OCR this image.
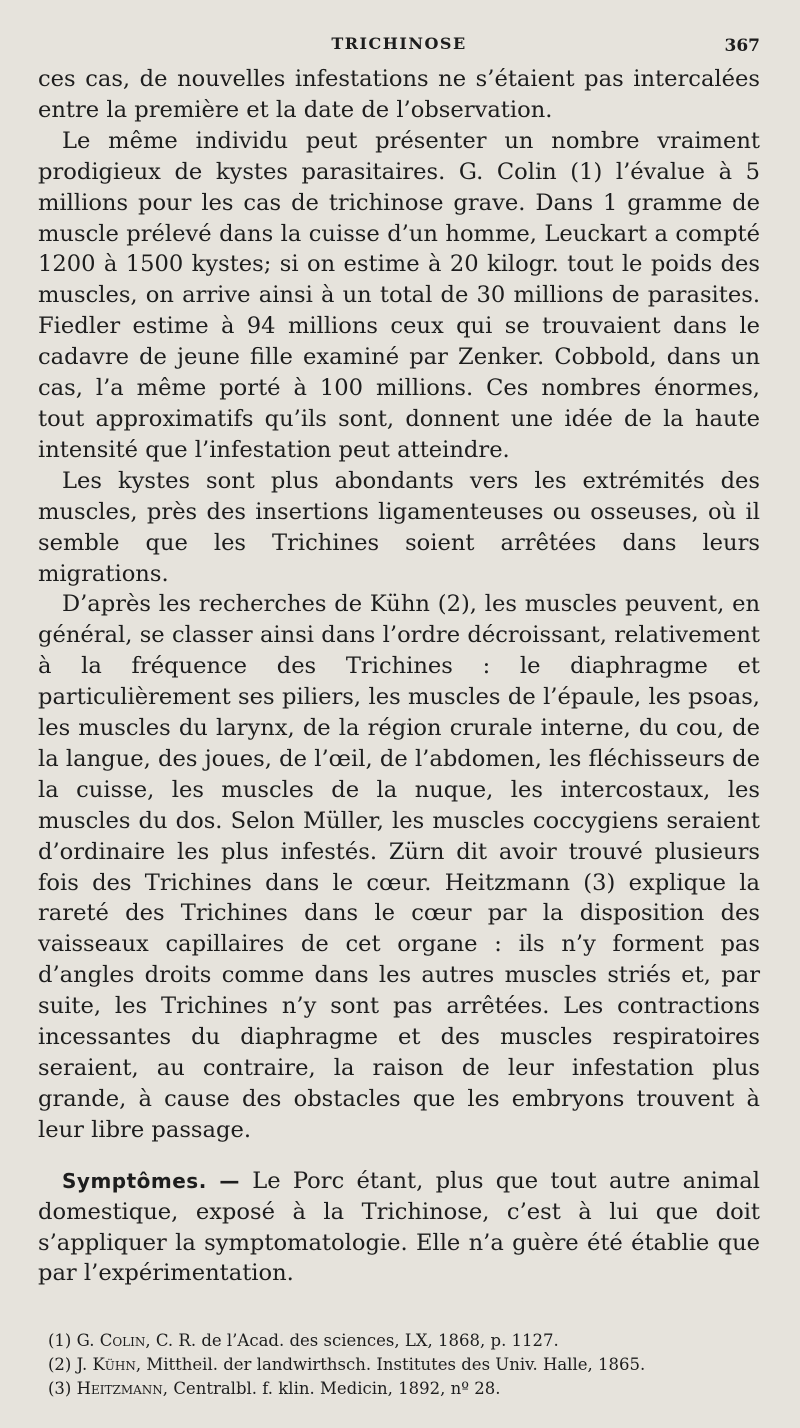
TRICHINOSE	367

ces cas, de nouvelles infestations ne s’étaient pas intercalées entre la première et la date de l’observation.

Le même individu peut présenter un nombre vraiment prodigieux de kystes parasitaires. G. Colin (1) l’évalue à 5 millions pour les cas de trichinose grave. Dans 1 gramme de muscle prélevé dans la cuisse d’un homme, Leuckart a compté 1200 à 1500 kystes; si on estime à 20 kilogr. tout le poids des muscles, on arrive ainsi à un total de 30 millions de parasites. Fiedler estime à 94 millions ceux qui se trouvaient dans le cadavre de jeune fille examiné par Zenker. Cobbold, dans un cas, l’a même porté à 100 millions. Ces nombres énormes, tout approximatifs qu’ils sont, donnent une idée de la haute intensité que l’infestation peut atteindre.

Les kystes sont plus abondants vers les extrémités des muscles, près des insertions ligamenteuses ou osseuses, où il semble que les Trichines soient arrêtées dans leurs migrations.

D’après les recherches de Kühn (2), les muscles peuvent, en général, se classer ainsi dans l’ordre décroissant, relativement à la fréquence des Trichines : le diaphragme et particulièrement ses piliers, les muscles de l’épaule, les psoas, les muscles du larynx, de la région crurale interne, du cou, de la langue, des joues, de l’œil, de l’abdomen, les fléchisseurs de la cuisse, les muscles de la nuque, les intercostaux, les muscles du dos. Selon Müller, les muscles coccygiens seraient d’ordinaire les plus infestés. Zürn dit avoir trouvé plusieurs fois des Trichines dans le cœur. Heitzmann (3) explique la rareté des Trichines dans le cœur par la disposition des vaisseaux capillaires de cet organe : ils n’y forment pas d’angles droits comme dans les autres muscles striés et, par suite, les Trichines n’y sont pas arrêtées. Les contractions incessantes du diaphragme et des muscles respiratoires seraient, au contraire, la raison de leur infestation plus grande, à cause des obstacles que les embryons trouvent à leur libre passage.

Symptômes. — Le Porc étant, plus que tout autre animal domestique, exposé à la Trichinose, c’est à lui que doit s’appliquer la symptomatologie. Elle n’a guère été établie que par l’expérimentation.

(1) G. Colin, C. R. de l’Acad. des sciences, LX, 1868, p. 1127.

(2) J. Kühn, Mittheil. der landwirthsch. Institutes des Univ. Halle, 1865.

(3) Heitzmann, Centralbl. f. klin. Medicin, 1892, nº 28.
